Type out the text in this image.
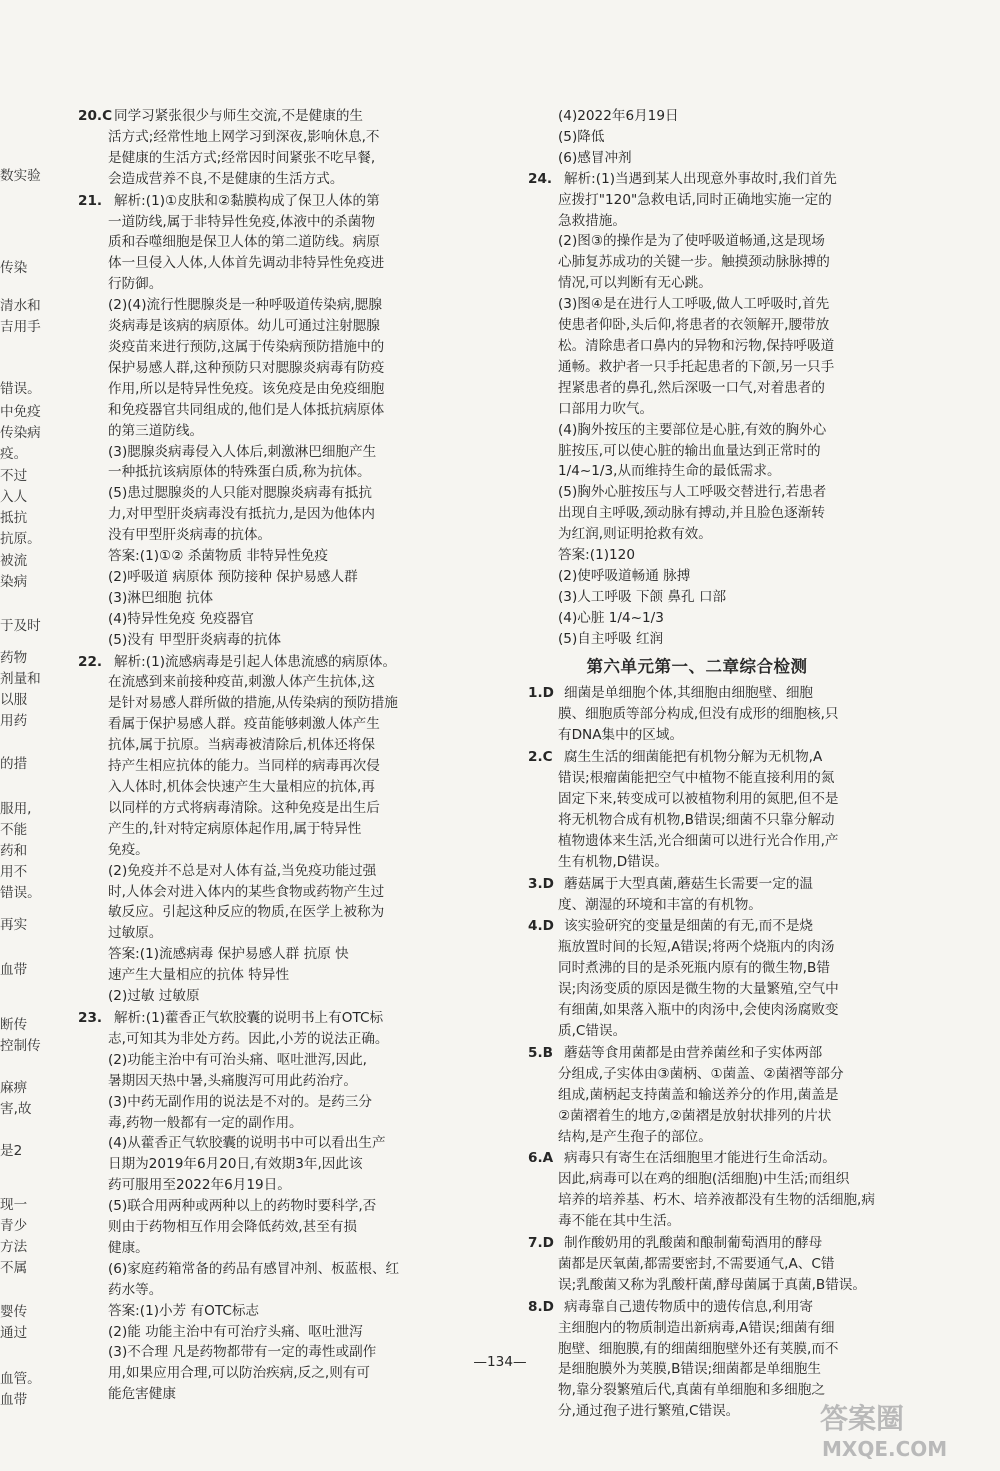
数实验
传染
清水和
吉用手
错误。
中免疫
传染病
疫。
不过
入人
抵抗
抗原。
被流
染病
于及时
药物
剂量和
以服
用药
的措
服用,
不能
药和
用不
错误。
再实
血带
断传
控制传
麻痹
害,故
是2
现一
青少
方法
不属
婴传
通过
血管。
血带
20.C 同学习紧张很少与师生交流,不是健康的生
活方式;经常性地上网学习到深夜,影响休息,不
是健康的生活方式;经常因时间紧张不吃早餐,
会造成营养不良,不是健康的生活方式。
21. 解析:(1)①皮肤和②黏膜构成了保卫人体的第
一道防线,属于非特异性免疫,体液中的杀菌物
质和吞噬细胞是保卫人体的第二道防线。病原
体一旦侵入人体,人体首先调动非特异性免疫进
行防御。
(2)(4)流行性腮腺炎是一种呼吸道传染病,腮腺
炎病毒是该病的病原体。幼儿可通过注射腮腺
炎疫苗来进行预防,这属于传染病预防措施中的
保护易感人群,这种预防只对腮腺炎病毒有防疫
作用,所以是特异性免疫。该免疫是由免疫细胞
和免疫器官共同组成的,他们是人体抵抗病原体
的第三道防线。
(3)腮腺炎病毒侵入人体后,刺激淋巴细胞产生
一种抵抗该病原体的特殊蛋白质,称为抗体。
(5)患过腮腺炎的人只能对腮腺炎病毒有抵抗
力,对甲型肝炎病毒没有抵抗力,是因为他体内
没有甲型肝炎病毒的抗体。
答案:(1)①② 杀菌物质 非特异性免疫
(2)呼吸道 病原体 预防接种 保护易感人群
(3)淋巴细胞 抗体
(4)特异性免疫 免疫器官
(5)没有 甲型肝炎病毒的抗体
22. 解析:(1)流感病毒是引起人体患流感的病原体。
在流感到来前接种疫苗,刺激人体产生抗体,这
是针对易感人群所做的措施,从传染病的预防措施
看属于保护易感人群。疫苗能够刺激人体产生
抗体,属于抗原。当病毒被清除后,机体还将保
持产生相应抗体的能力。当同样的病毒再次侵
入人体时,机体会快速产生大量相应的抗体,再
以同样的方式将病毒清除。这种免疫是出生后
产生的,针对特定病原体起作用,属于特异性
免疫。
(2)免疫并不总是对人体有益,当免疫功能过强
时,人体会对进入体内的某些食物或药物产生过
敏反应。引起这种反应的物质,在医学上被称为
过敏原。
答案:(1)流感病毒 保护易感人群 抗原 快
速产生大量相应的抗体 特异性
(2)过敏 过敏原
23. 解析:(1)藿香正气软胶囊的说明书上有OTC标
志,可知其为非处方药。因此,小芳的说法正确。
(2)功能主治中有可治头痛、呕吐泄泻,因此,
暑期因天热中暑,头痛腹泻可用此药治疗。
(3)中药无副作用的说法是不对的。是药三分
毒,药物一般都有一定的副作用。
(4)从藿香正气软胶囊的说明书中可以看出生产
日期为2019年6月20日,有效期3年,因此该
药可服用至2022年6月19日。
(5)联合用两种或两种以上的药物时要科学,否
则由于药物相互作用会降低药效,甚至有损
健康。
(6)家庭药箱常备的药品有感冒冲剂、板蓝根、红
药水等。
答案:(1)小芳 有OTC标志
(2)能 功能主治中有可治疗头痛、呕吐泄泻
(3)不合理 凡是药物都带有一定的毒性或副作
用,如果应用合理,可以防治疾病,反之,则有可
能危害健康
(4)2022年6月19日
(5)降低
(6)感冒冲剂
24. 解析:(1)当遇到某人出现意外事故时,我们首先
应拨打"120"急救电话,同时正确地实施一定的
急救措施。
(2)图③的操作是为了使呼吸道畅通,这是现场
心肺复苏成功的关键一步。触摸颈动脉脉搏的
情况,可以判断有无心跳。
(3)图④是在进行人工呼吸,做人工呼吸时,首先
使患者仰卧,头后仰,将患者的衣领解开,腰带放
松。清除患者口鼻内的异物和污物,保持呼吸道
通畅。救护者一只手托起患者的下颌,另一只手
捏紧患者的鼻孔,然后深吸一口气,对着患者的
口部用力吹气。
(4)胸外按压的主要部位是心脏,有效的胸外心
脏按压,可以使心脏的输出血量达到正常时的
1/4~1/3,从而维持生命的最低需求。
(5)胸外心脏按压与人工呼吸交替进行,若患者
出现自主呼吸,颈动脉有搏动,并且脸色逐渐转
为红润,则证明抢救有效。
答案:(1)120
(2)使呼吸道畅通 脉搏
(3)人工呼吸 下颌 鼻孔 口部
(4)心脏 1/4~1/3
(5)自主呼吸 红润
第六单元第一、二章综合检测
1.D 细菌是单细胞个体,其细胞由细胞壁、细胞
膜、细胞质等部分构成,但没有成形的细胞核,只
有DNA集中的区域。
2.C 腐生生活的细菌能把有机物分解为无机物,A
错误;根瘤菌能把空气中植物不能直接利用的氮
固定下来,转变成可以被植物利用的氮肥,但不是
将无机物合成有机物,B错误;细菌不只靠分解动
植物遗体来生活,光合细菌可以进行光合作用,产
生有机物,D错误。
3.D 蘑菇属于大型真菌,蘑菇生长需要一定的温
度、潮湿的环境和丰富的有机物。
4.D 该实验研究的变量是细菌的有无,而不是烧
瓶放置时间的长短,A错误;将两个烧瓶内的肉汤
同时煮沸的目的是杀死瓶内原有的微生物,B错
误;肉汤变质的原因是微生物的大量繁殖,空气中
有细菌,如果落入瓶中的肉汤中,会使肉汤腐败变
质,C错误。
5.B 蘑菇等食用菌都是由营养菌丝和子实体两部
分组成,子实体由③菌柄、①菌盖、②菌褶等部分
组成,菌柄起支持菌盖和输送养分的作用,菌盖是
②菌褶着生的地方,②菌褶是放射状排列的片状
结构,是产生孢子的部位。
6.A 病毒只有寄生在活细胞里才能进行生命活动。
因此,病毒可以在鸡的细胞(活细胞)中生活;而组织
培养的培养基、朽木、培养液都没有生物的活细胞,病
毒不能在其中生活。
7.D 制作酸奶用的乳酸菌和酿制葡萄酒用的酵母
菌都是厌氧菌,都需要密封,不需要通气,A、C错
误;乳酸菌又称为乳酸杆菌,酵母菌属于真菌,B错误。
8.D 病毒靠自己遗传物质中的遗传信息,利用寄
主细胞内的物质制造出新病毒,A错误;细菌有细
胞壁、细胞膜,有的细菌细胞壁外还有荚膜,而不
是细胞膜外为荚膜,B错误;细菌都是单细胞生
物,靠分裂繁殖后代,真菌有单细胞和多细胞之
分,通过孢子进行繁殖,C错误。
—134—
答案圈
MXQE.COM
